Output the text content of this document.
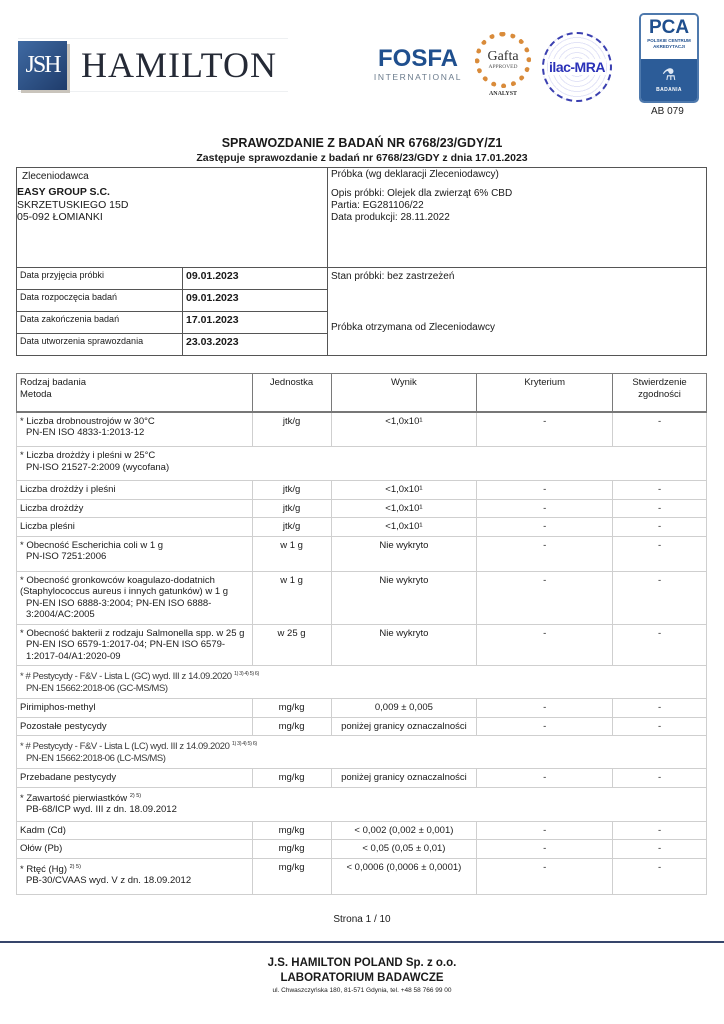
JSH HAMILTON	FOSFA
INTERNATIONAL
Gafta
APPROVED
ANALYST
ilac-MRA
PCA
POLSKIE CENTRUM
AKREDYTACJI
⚗
BADANIA
AB 079
SPRAWOZDANIE Z BADAŃ NR 6768/23/GDY/Z1
Zastępuje sprawozdanie z badań nr 6768/23/GDY z dnia 17.01.2023
Zleceniodawca
EASY GROUP S.C.
SKRZETUSKIEGO 15D
05-092 ŁOMIANKI
Próbka (wg deklaracji Zleceniodawcy)
Opis próbki: Olejek dla zwierząt 6% CBD
Partia: EG281106/22
Data produkcji: 28.11.2022
Data przyjęcia próbki	09.01.2023
Data rozpoczęcia badań	09.01.2023
Data zakończenia badań	17.01.2023
Data utworzenia sprawozdania	23.03.2023
Stan próbki: bez zastrzeżeń
Próbka otrzymana od Zleceniodawcy
Rodzaj badania
Metoda	Jednostka	Wynik	Kryterium	Stwierdzenie
zgodności
* Liczba drobnoustrojów w 30°C
PN-EN ISO 4833-1:2013-12	jtk/g	<1,0x10¹	-	-
* Liczba drożdży i pleśni w 25°C
PN-ISO 21527-2:2009 (wycofana)				

Liczba drożdży i pleśni	jtk/g	<1,0x10¹	-	-
Liczba drożdży	jtk/g	<1,0x10¹	-	-
Liczba pleśni	jtk/g	<1,0x10¹	-	-
* Obecność Escherichia coli w 1 g
PN-ISO 7251:2006	w 1 g	Nie wykryto	-	-
* Obecność gronkowców koagulazo-dodatnich (Staphylococcus aureus i innych gatunków) w 1 g
PN-EN ISO 6888-3:2004; PN-EN ISO 6888-3:2004/AC:2005	w 1 g	Nie wykryto	-	-
* Obecność bakterii z rodzaju Salmonella spp. w 25 g
PN-EN ISO 6579-1:2017-04; PN-EN ISO 6579-1:2017-04/A1:2020-09	w 25 g	Nie wykryto	-	-
* # Pestycydy - F&V - Lista L (GC) wyd. III z 14.09.2020 $^{1) 3) 4) 5) 6)}$
PN-EN 15662:2018-06 (GC-MS/MS)				

Pirimiphos-methyl	mg/kg	0,009 ± 0,005	-	-
Pozostałe pestycydy	mg/kg	poniżej granicy oznaczalności	-	-
* # Pestycydy - F&V - Lista L (LC) wyd. III z 14.09.2020 $^{1) 3) 4) 5) 6)}$
PN-EN 15662:2018-06 (LC-MS/MS)				

Przebadane pestycydy	mg/kg	poniżej granicy oznaczalności	-	-
* Zawartość pierwiastków $^{2) 5)}$
PB-68/ICP wyd. III z dn. 18.09.2012				

Kadm (Cd)	mg/kg	< 0,002 (0,002 ± 0,001)	-	-
Ołów (Pb)	mg/kg	< 0,05 (0,05 ± 0,01)	-	-
* Rtęć (Hg) $^{2) 5)}$
PB-30/CVAAS wyd. V z dn. 18.09.2012	mg/kg	< 0,0006 (0,0006 ± 0,0001)	-	-
Strona 1 / 10
J.S. HAMILTON POLAND Sp. z o.o.
LABORATORIUM BADAWCZE
ul. Chwaszczyńska 180, 81-571 Gdynia, tel. +48 58 766 99 00
